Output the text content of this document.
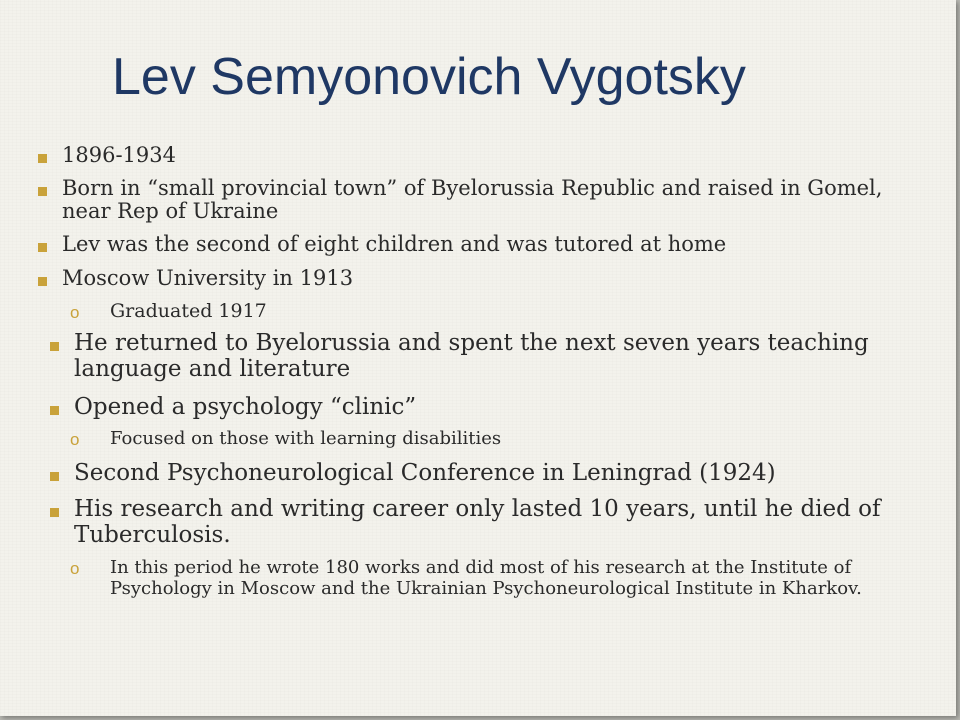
Lev Semyonovich Vygotsky
1896-1934
Born in “small provincial town” of Byelorussia Republic and raised in Gomel, near Rep of Ukraine
Lev was the second of eight children and was tutored at home
Moscow University in 1913
o Graduated 1917
He returned to Byelorussia and spent the next seven years teaching language and literature
Opened a psychology “clinic”
o Focused on those with learning disabilities
Second Psychoneurological Conference in Leningrad (1924)
His research and writing career only lasted 10 years, until he died of Tuberculosis.
o In this period he wrote 180 works and did most of his research at the Institute of Psychology in Moscow and the Ukrainian Psychoneurological Institute in Kharkov.
